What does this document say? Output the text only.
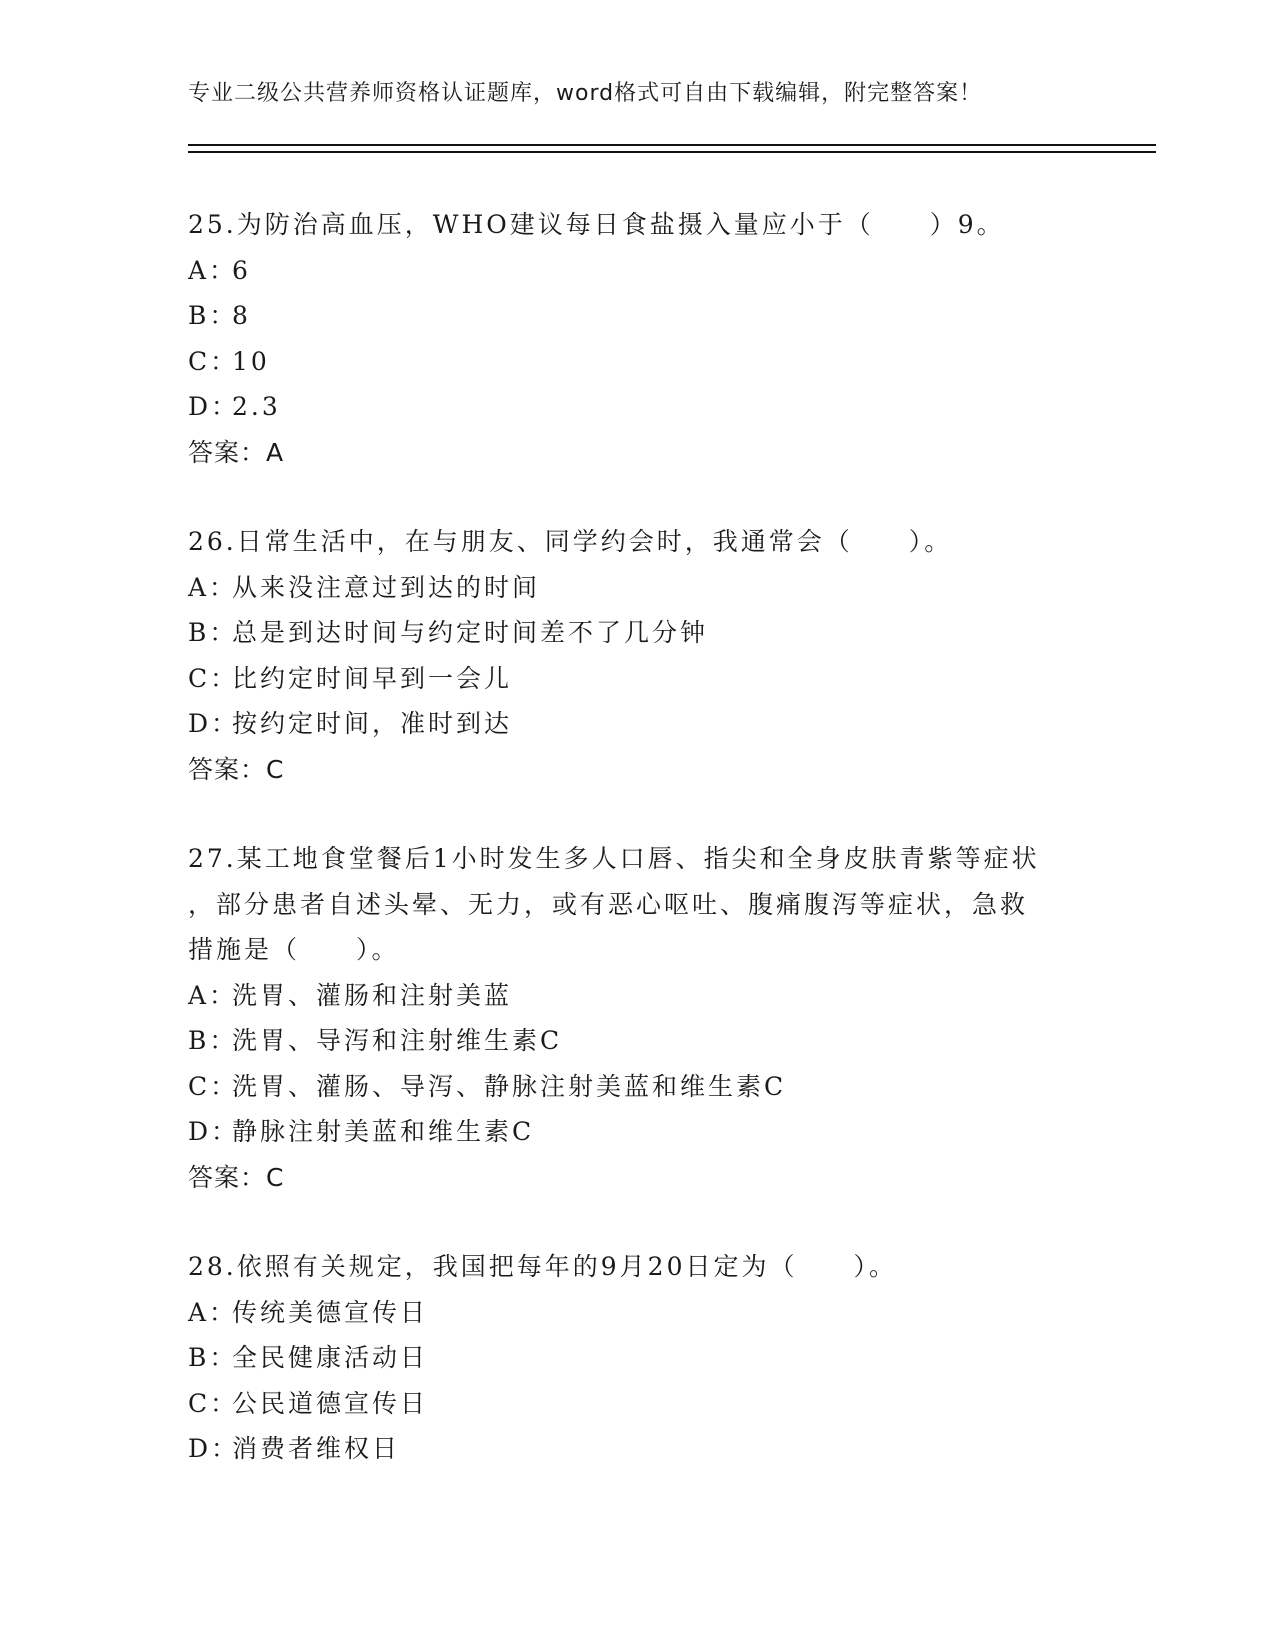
专业二级公共营养师资格认证题库，word格式可自由下载编辑，附完整答案！
25.为防治高血压，WHO建议每日食盐摄入量应小于（　　）9。
A：6
B：8
C：10
D：2.3
答案：A
26.日常生活中，在与朋友、同学约会时，我通常会（　　）。
A：从来没注意过到达的时间
B：总是到达时间与约定时间差不了几分钟
C：比约定时间早到一会儿
D：按约定时间，准时到达
答案：C
27.某工地食堂餐后1小时发生多人口唇、指尖和全身皮肤青紫等症状
，部分患者自述头晕、无力，或有恶心呕吐、腹痛腹泻等症状，急救
措施是（　　）。
A：洗胃、灌肠和注射美蓝
B：洗胃、导泻和注射维生素C
C：洗胃、灌肠、导泻、静脉注射美蓝和维生素C
D：静脉注射美蓝和维生素C
答案：C
28.依照有关规定，我国把每年的9月20日定为（　　）。
A：传统美德宣传日
B：全民健康活动日
C：公民道德宣传日
D：消费者维权日
